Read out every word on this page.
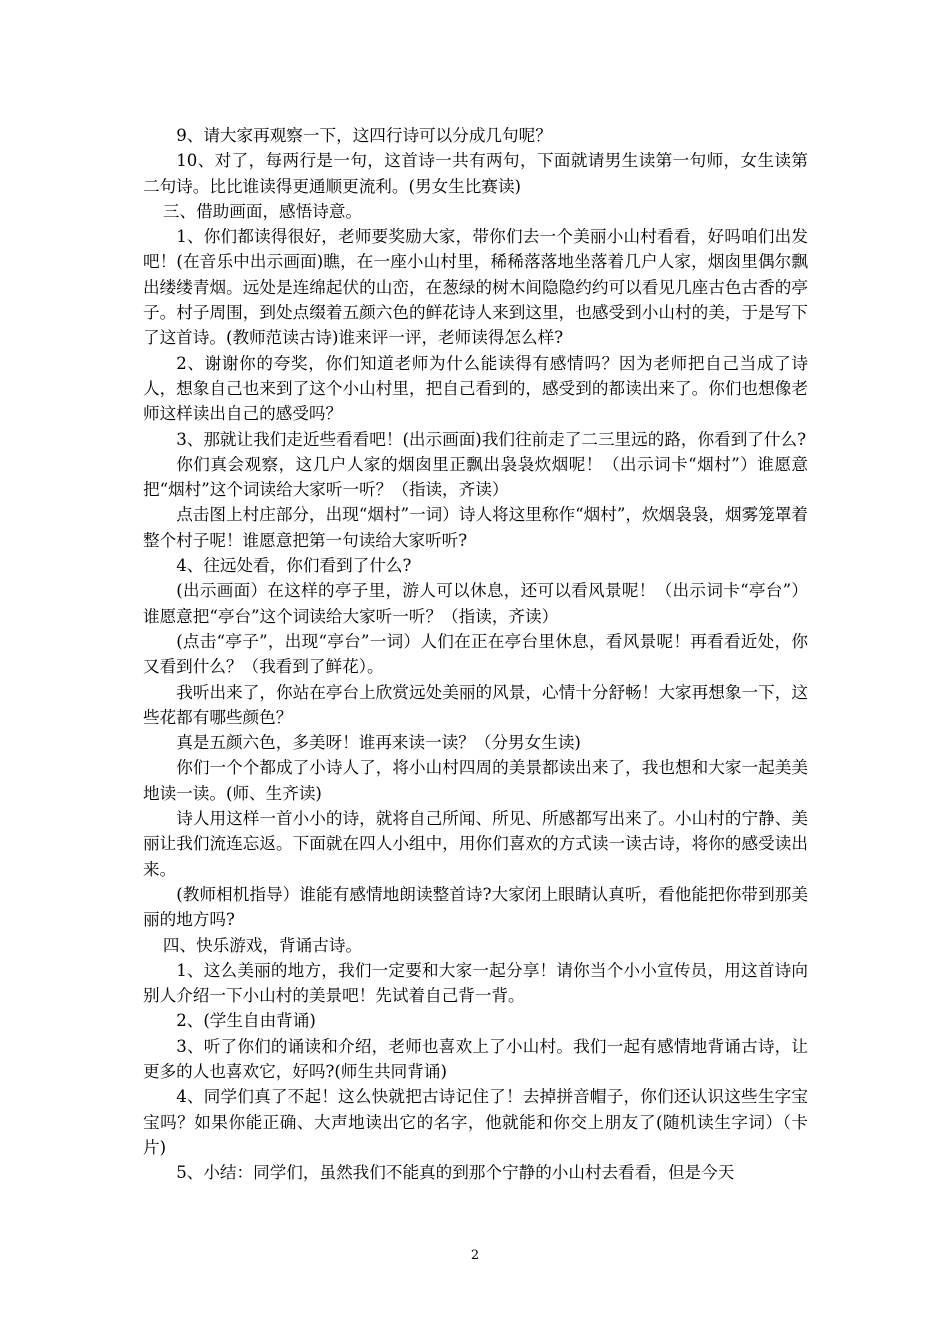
9、请大家再观察一下，这四行诗可以分成几句呢？

10、对了，每两行是一句，这首诗一共有两句，下面就请男生读第一句师，女生读第二句诗。比比谁读得更通顺更流利。(男女生比赛读)

三、借助画面，感悟诗意。

1、你们都读得很好，老师要奖励大家，带你们去一个美丽小山村看看，好吗咱们出发吧！(在音乐中出示画面)瞧，在一座小山村里，稀稀落落地坐落着几户人家，烟囱里偶尔飘出缕缕青烟。远处是连绵起伏的山峦，在葱绿的树木间隐隐约约可以看见几座古色古香的亭子。村子周围，到处点缀着五颜六色的鲜花诗人来到这里，也感受到小山村的美，于是写下了这首诗。(教师范读古诗)谁来评一评，老师读得怎么样?

2、谢谢你的夸奖，你们知道老师为什么能读得有感情吗？因为老师把自己当成了诗人，想象自己也来到了这个小山村里，把自己看到的，感受到的都读出来了。你们也想像老师这样读出自己的感受吗？

3、那就让我们走近些看看吧！(出示画面)我们往前走了二三里远的路，你看到了什么?

你们真会观察，这几户人家的烟囱里正飘出袅袅炊烟呢！（出示词卡“烟村”）谁愿意把“烟村”这个词读给大家听一听？（指读，齐读）

点击图上村庄部分，出现“烟村”一词）诗人将这里称作“烟村”，炊烟袅袅，烟雾笼罩着整个村子呢！谁愿意把第一句读给大家听听?

4、往远处看，你们看到了什么?

(出示画面）在这样的亭子里，游人可以休息，还可以看风景呢！（出示词卡“亭台”）谁愿意把“亭台”这个词读给大家听一听？（指读，齐读）

(点击“亭子”，出现“亭台”一词）人们在正在亭台里休息，看风景呢！再看看近处，你又看到什么？（我看到了鲜花）。

我听出来了，你站在亭台上欣赏远处美丽的风景，心情十分舒畅！大家再想象一下，这些花都有哪些颜色？

真是五颜六色，多美呀！谁再来读一读？（分男女生读)

你们一个个都成了小诗人了，将小山村四周的美景都读出来了，我也想和大家一起美美地读一读。(师、生齐读)

诗人用这样一首小小的诗，就将自己所闻、所见、所感都写出来了。小山村的宁静、美丽让我们流连忘返。下面就在四人小组中，用你们喜欢的方式读一读古诗，将你的感受读出来。

(教师相机指导）谁能有感情地朗读整首诗?大家闭上眼睛认真听，看他能把你带到那美丽的地方吗?

四、快乐游戏，背诵古诗。

1、这么美丽的地方，我们一定要和大家一起分享！请你当个小小宣传员，用这首诗向别人介绍一下小山村的美景吧！先试着自己背一背。

2、(学生自由背诵)

3、听了你们的诵读和介绍，老师也喜欢上了小山村。我们一起有感情地背诵古诗，让更多的人也喜欢它，好吗?(师生共同背诵)

4、同学们真了不起！这么快就把古诗记住了！去掉拼音帽子，你们还认识这些生字宝宝吗？如果你能正确、大声地读出它的名字，他就能和你交上朋友了(随机读生字词）（卡片)

5、小结：同学们，虽然我们不能真的到那个宁静的小山村去看看，但是今天

2
